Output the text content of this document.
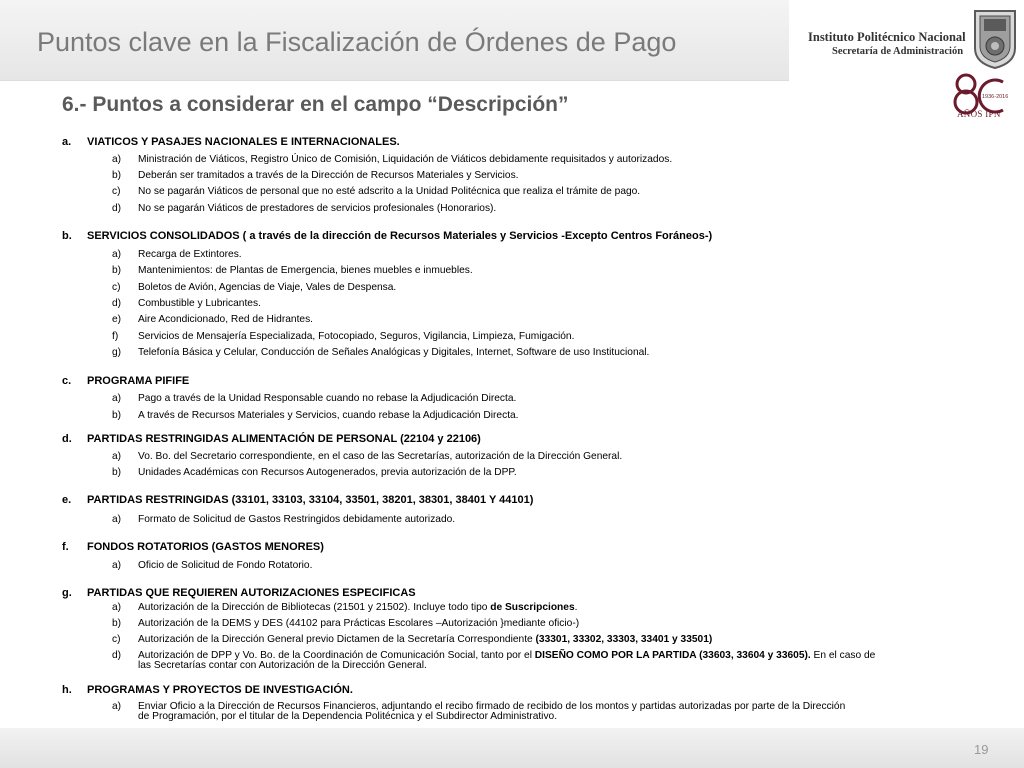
Puntos clave en la Fiscalización de Órdenes de Pago	Instituto Politécnico Nacional
Secretaría de Administración
1936-2016
AÑOS IPN
6.- Puntos a considerar en el campo “Descripción”
a. VIATICOS Y PASAJES NACIONALES E INTERNACIONALES.
a) Ministración de Viáticos, Registro Único de Comisión, Liquidación de Viáticos debidamente requisitados y autorizados.
b) Deberán ser tramitados a través de la Dirección de Recursos Materiales y Servicios.
c) No se pagarán Viáticos de personal que no esté adscrito a la Unidad Politécnica que realiza el trámite de pago.
d) No se pagarán Viáticos de prestadores de servicios profesionales (Honorarios).
b. SERVICIOS CONSOLIDADOS ( a través de la dirección de Recursos Materiales y Servicios -Excepto Centros Foráneos-)
a) Recarga de Extintores.
b) Mantenimientos: de Plantas de Emergencia, bienes muebles e inmuebles.
c) Boletos de Avión, Agencias de Viaje, Vales de Despensa.
d) Combustible y Lubricantes.
e) Aire Acondicionado, Red de Hidrantes.
f) Servicios de Mensajería Especializada, Fotocopiado, Seguros, Vigilancia, Limpieza, Fumigación.
g) Telefonía Básica y Celular, Conducción de Señales Analógicas y Digitales, Internet, Software de uso Institucional.
c. PROGRAMA PIFIFE
a) Pago a través de la Unidad Responsable cuando no rebase la Adjudicación Directa.
b) A través de Recursos Materiales y Servicios, cuando rebase la Adjudicación Directa.
d. PARTIDAS RESTRINGIDAS ALIMENTACIÓN DE PERSONAL (22104 y 22106)
a) Vo. Bo. del Secretario correspondiente, en el caso de las Secretarías, autorización de la Dirección General.
b) Unidades Académicas con Recursos Autogenerados, previa autorización de la DPP.
e. PARTIDAS RESTRINGIDAS (33101, 33103, 33104, 33501, 38201, 38301, 38401 Y 44101)
a) Formato de Solicitud de Gastos Restringidos debidamente autorizado.
f. FONDOS ROTATORIOS (GASTOS MENORES)
a) Oficio de Solicitud de Fondo Rotatorio.
g. PARTIDAS QUE REQUIEREN AUTORIZACIONES ESPECIFICAS
a) Autorización de la Dirección de Bibliotecas (21501 y 21502). Incluye todo tipo de Suscripciones.
b) Autorización de la DEMS y DES (44102 para Prácticas Escolares –Autorización }mediante oficio-)
c) Autorización de la Dirección General previo Dictamen de la Secretaría Correspondiente (33301, 33302, 33303, 33401 y 33501)
d) Autorización de DPP y Vo. Bo. de la Coordinación de Comunicación Social, tanto por el DISEÑO COMO POR LA PARTIDA (33603, 33604 y 33605). En el caso de
las Secretarías contar con Autorización de la Dirección General.
h. PROGRAMAS Y PROYECTOS DE INVESTIGACIÓN.
a) Enviar Oficio a la Dirección de Recursos Financieros, adjuntando el recibo firmado de recibido de los montos y partidas autorizadas por parte de la Dirección
de Programación, por el titular de la Dependencia Politécnica y el Subdirector Administrativo.
19
